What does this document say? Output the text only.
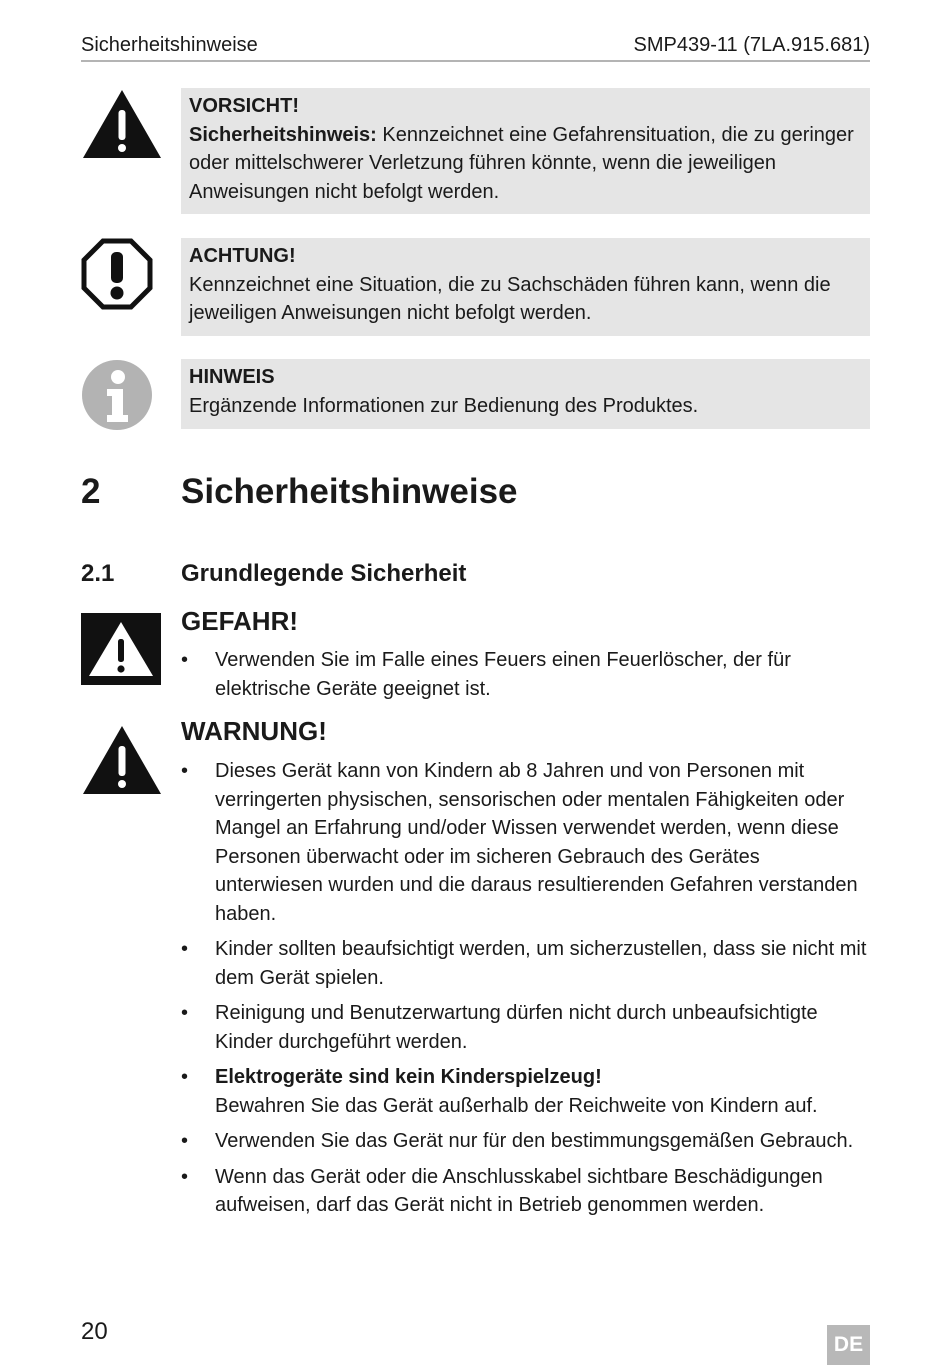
Sicherheitshinweise	SMP439-11 (7LA.915.681)
VORSICHT!
Sicherheitshinweis: Kennzeichnet eine Gefahrensituation, die zu geringer oder mittelschwerer Verletzung führen könnte, wenn die jeweiligen Anweisungen nicht befolgt werden.
ACHTUNG!
Kennzeichnet eine Situation, die zu Sachschäden führen kann, wenn die jeweiligen Anweisungen nicht befolgt werden.
HINWEIS
Ergänzende Informationen zur Bedienung des Produktes.
2 Sicherheitshinweise
2.1	Grundlegende Sicherheit
GEFAHR!
• Verwenden Sie im Falle eines Feuers einen Feuerlöscher, der für elektrische Geräte geeignet ist.
WARNUNG!
• Dieses Gerät kann von Kindern ab 8 Jahren und von Personen mit verringerten physischen, sensorischen oder mentalen Fähigkeiten oder Mangel an Erfahrung und/oder Wissen verwendet werden, wenn diese Personen überwacht oder im sicheren Gebrauch des Gerätes unterwiesen wurden und die daraus resultierenden Gefahren verstanden haben.
• Kinder sollten beaufsichtigt werden, um sicherzustellen, dass sie nicht mit dem Gerät spielen.
• Reinigung und Benutzerwartung dürfen nicht durch unbeaufsichtigte Kinder durchgeführt werden.
• Elektrogeräte sind kein Kinderspielzeug!
Bewahren Sie das Gerät außerhalb der Reichweite von Kindern auf.
• Verwenden Sie das Gerät nur für den bestimmungsgemäßen Gebrauch.
• Wenn das Gerät oder die Anschlusskabel sichtbare Beschädigungen aufweisen, darf das Gerät nicht in Betrieb genommen werden.
20	DE
